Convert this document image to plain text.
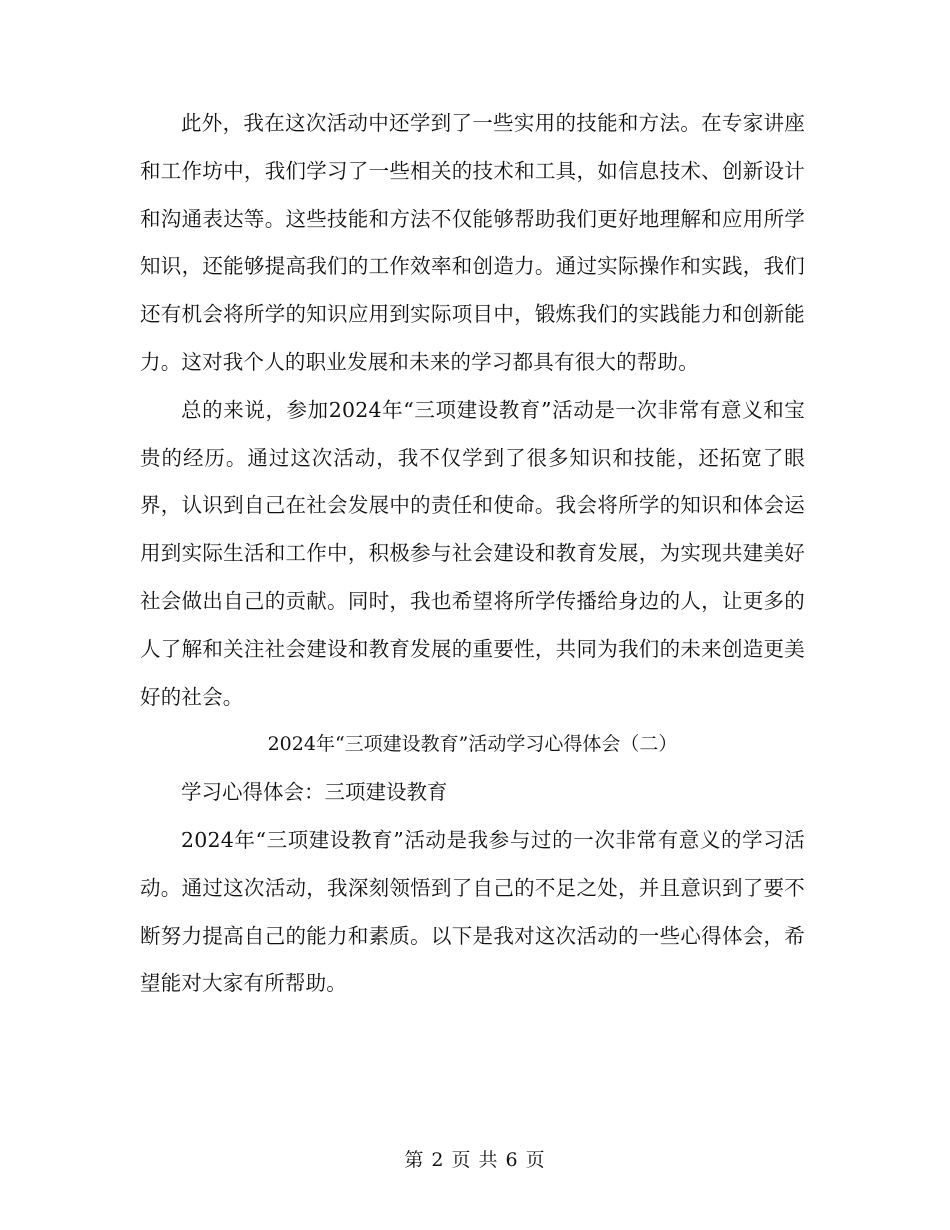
此外，我在这次活动中还学到了一些实用的技能和方法。在专家讲座和工作坊中，我们学习了一些相关的技术和工具，如信息技术、创新设计和沟通表达等。这些技能和方法不仅能够帮助我们更好地理解和应用所学知识，还能够提高我们的工作效率和创造力。通过实际操作和实践，我们还有机会将所学的知识应用到实际项目中，锻炼我们的实践能力和创新能力。这对我个人的职业发展和未来的学习都具有很大的帮助。

总的来说，参加2024年“三项建设教育”活动是一次非常有意义和宝贵的经历。通过这次活动，我不仅学到了很多知识和技能，还拓宽了眼界，认识到自己在社会发展中的责任和使命。我会将所学的知识和体会运用到实际生活和工作中，积极参与社会建设和教育发展，为实现共建美好社会做出自己的贡献。同时，我也希望将所学传播给身边的人，让更多的人了解和关注社会建设和教育发展的重要性，共同为我们的未来创造更美好的社会。

2024年“三项建设教育”活动学习心得体会（二）

学习心得体会：三项建设教育

2024年“三项建设教育”活动是我参与过的一次非常有意义的学习活动。通过这次活动，我深刻领悟到了自己的不足之处，并且意识到了要不断努力提高自己的能力和素质。以下是我对这次活动的一些心得体会，希望能对大家有所帮助。

第 2 页 共 6 页
